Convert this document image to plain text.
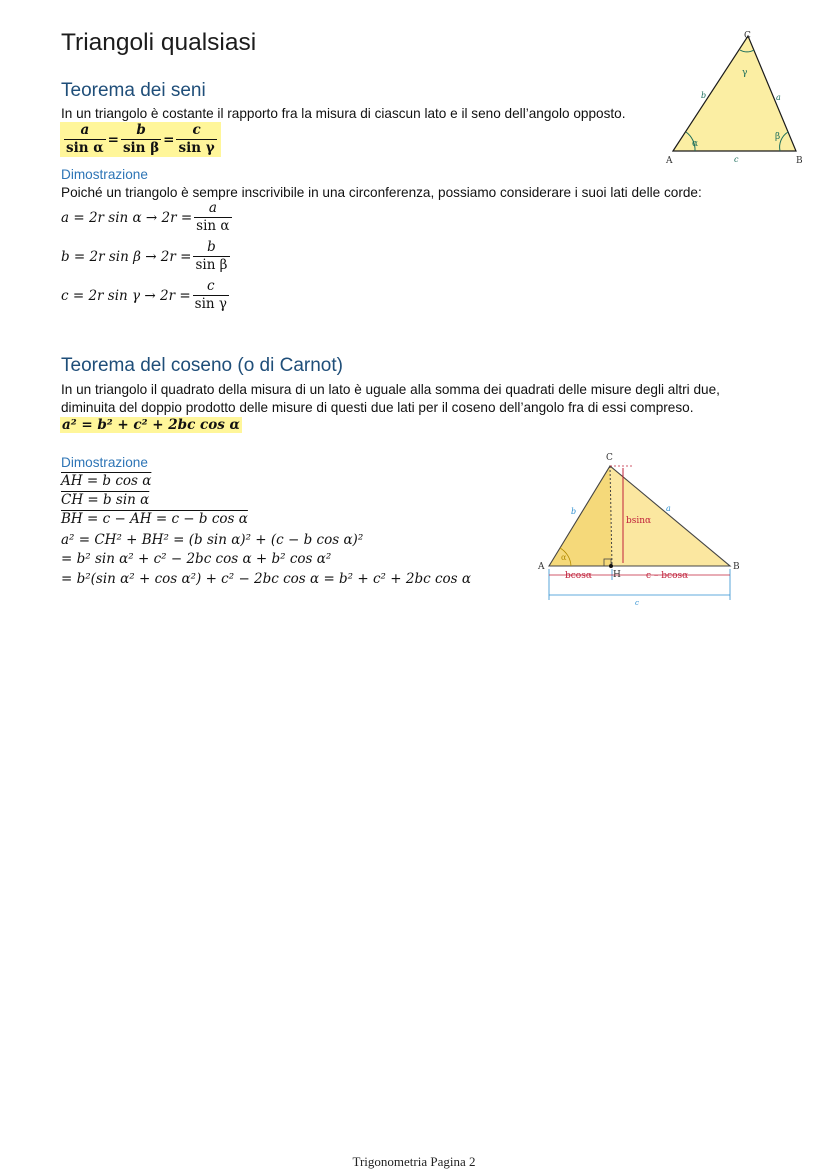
Triangoli qualsiasi
Teorema dei seni
In un triangolo è costante il rapporto fra la misura di ciascun lato e il seno dell’angolo opposto.
$\frac{a}{\text{sin α}} = \frac{b}{\text{sin β}} = \frac{c}{\text{sin γ}}$
Dimostrazione
Poiché un triangolo è sempre inscrivibile in una circonferenza, possiamo considerare i suoi lati delle corde:
a = 2r $\sin \alpha \to 2r = \frac{a}{\text{sin α}}$
b = 2r $\sin \beta \to 2r = \frac{b}{\text{sin β}}$
c = 2r $\sin \gamma \to 2r = \frac{c}{\text{sin γ}}$
C
A	B
b	a
c
α
β
γ
Teorema del coseno (o di Carnot)
In un triangolo il quadrato della misura di un lato è uguale alla somma dei quadrati delle misure degli altri due,
diminuita del doppio prodotto delle misure di questi due lati per il coseno dell’angolo fra di essi compreso.
a² = b² + c² + 2bc cos α
Dimostrazione
AH = b cos α
CH = b sin α
BH = c − AH = c − b cos α
a² = CH² + BH² = (b sin α)² + (c − b cos α)²
= b² sin α² + c² − 2bc cos α + b² cos α²
= b²(sin α² + cos α²) + c² − 2bc cos α = b² + c² + 2bc cos α
C
A	B
H
b	a
α
bsinα
bcosα	c – bcosα
c
Trigonometria Pagina 2
